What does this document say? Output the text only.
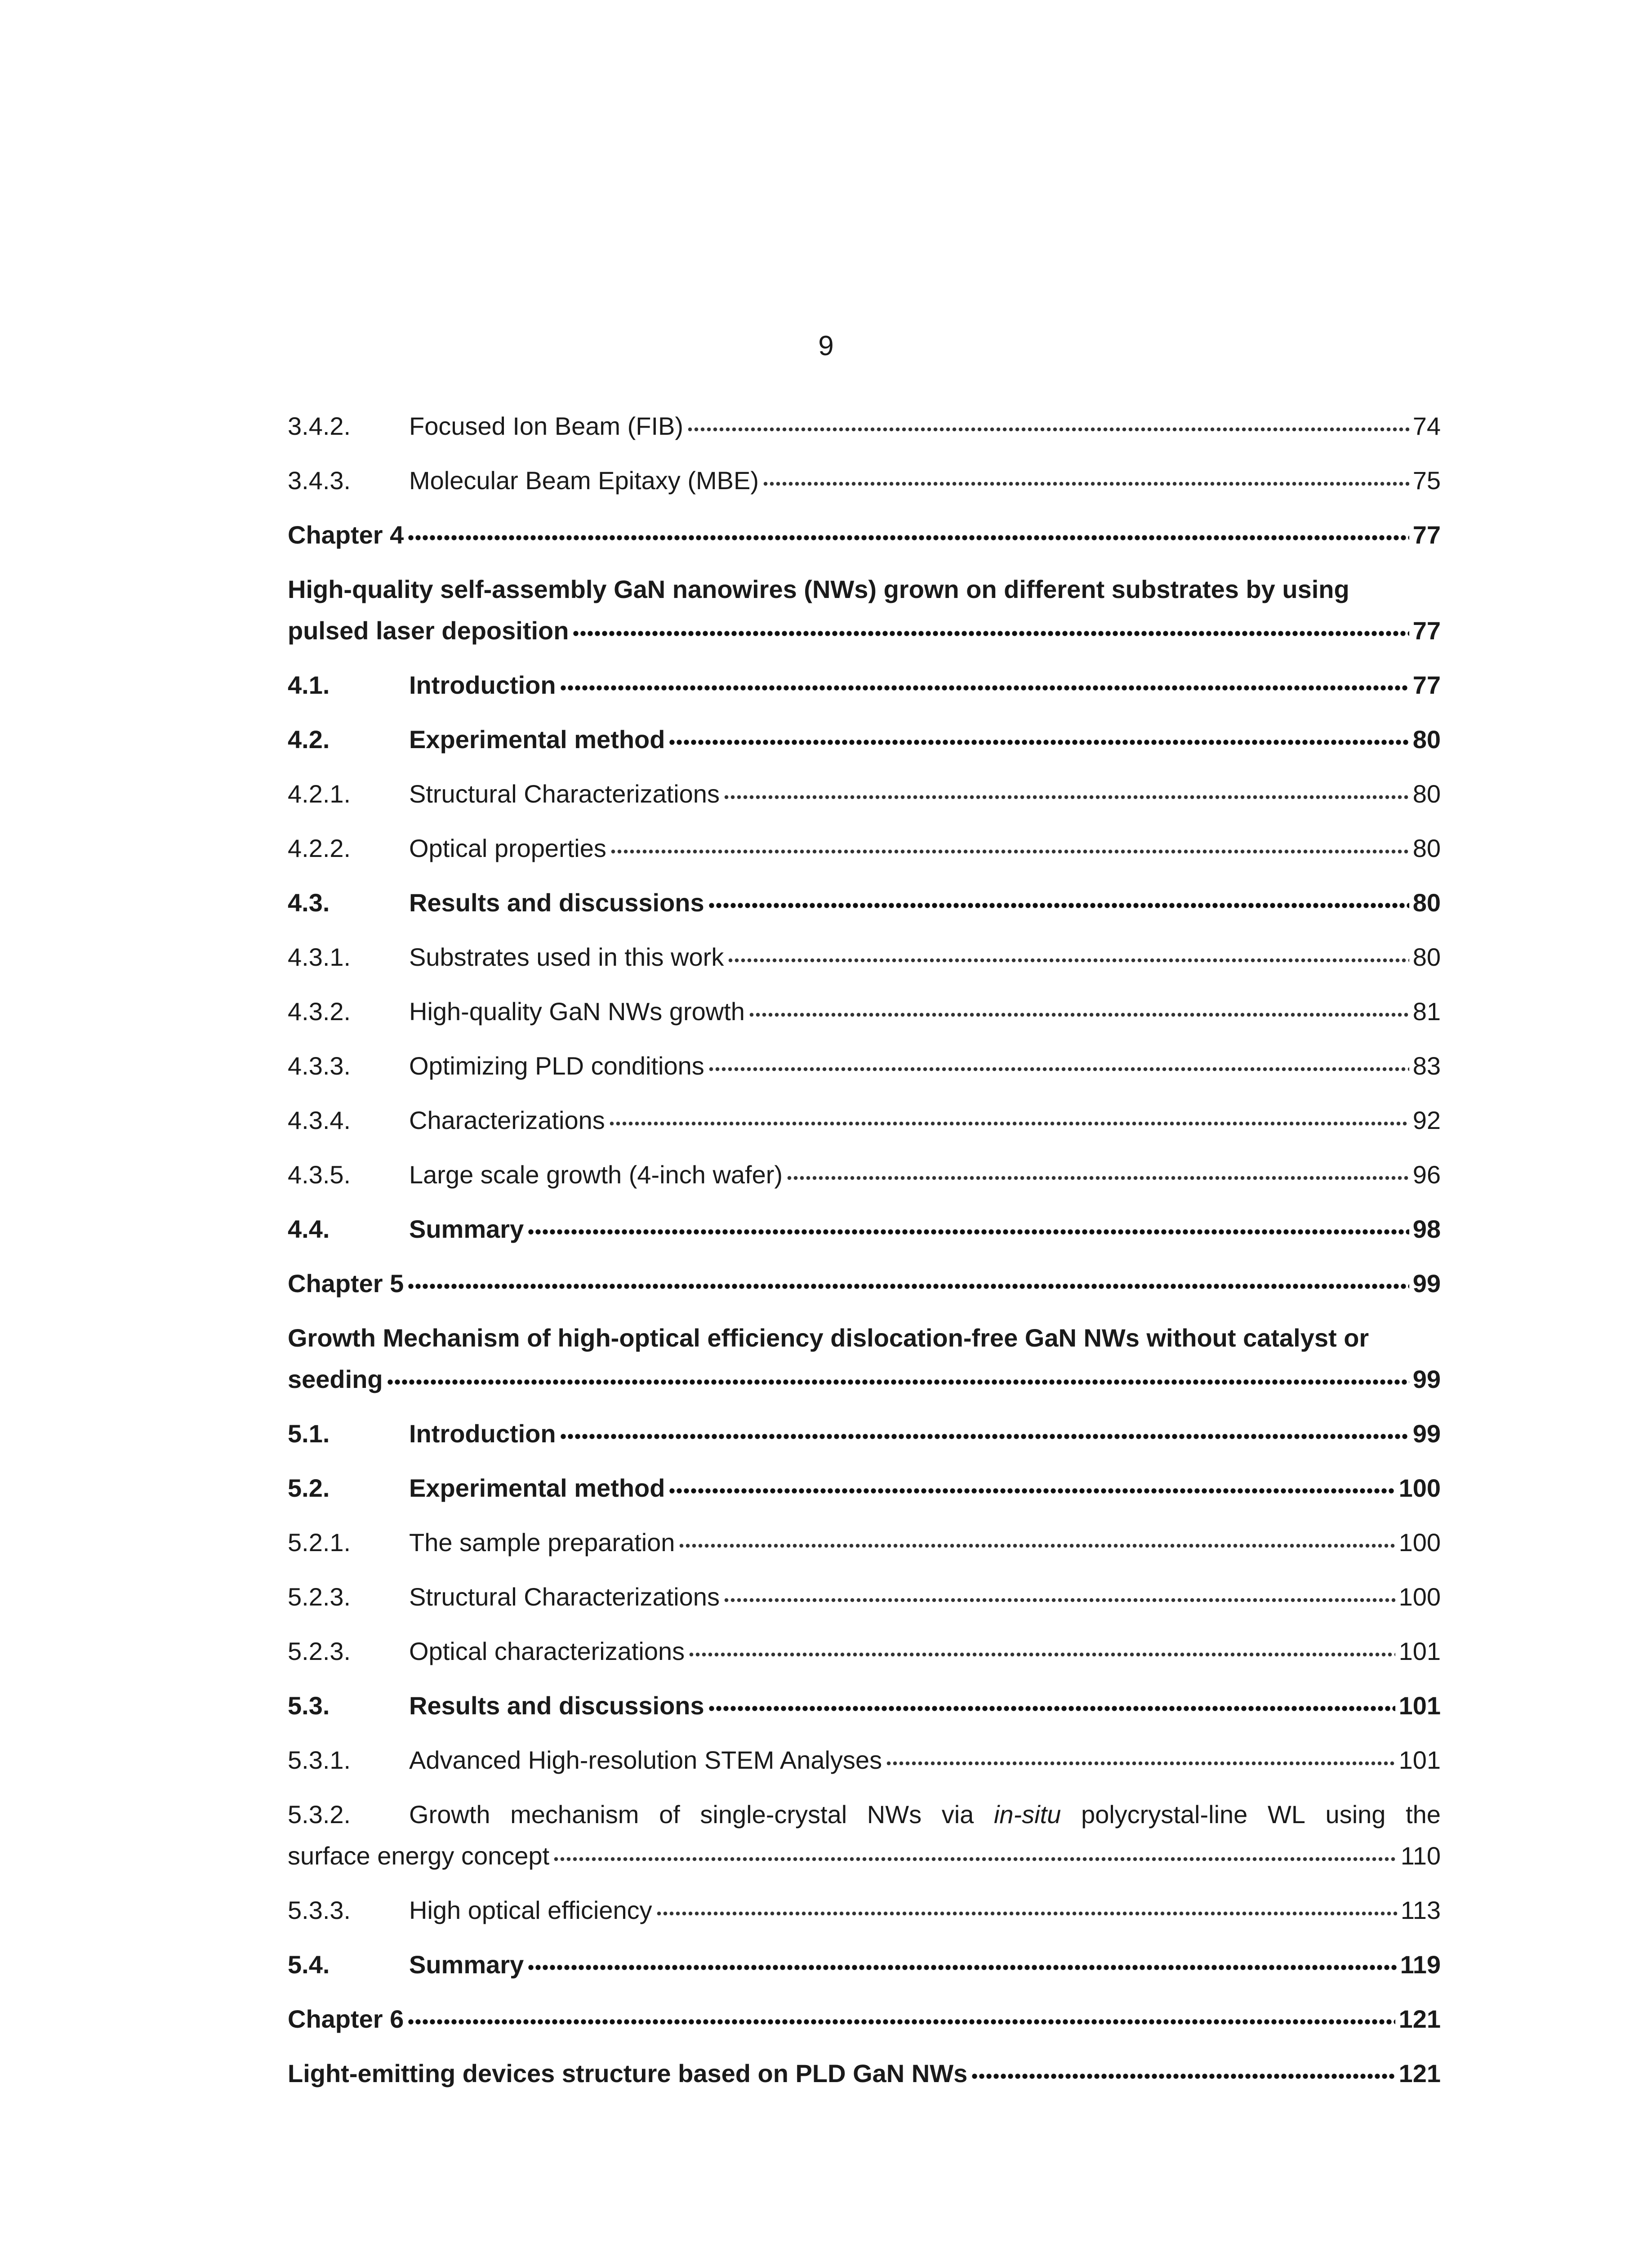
9
3.4.2.	Focused Ion Beam (FIB)	74
3.4.3.	Molecular Beam Epitaxy (MBE)	75
Chapter 4	77
High-quality self-assembly GaN nanowires (NWs) grown on different substrates by using
pulsed laser deposition	77
4.1.	Introduction	77
4.2.	Experimental method	80
4.2.1.	Structural Characterizations	80
4.2.2.	Optical properties	80
4.3.	Results and discussions	80
4.3.1.	Substrates used in this work	80
4.3.2.	High-quality GaN NWs growth	81
4.3.3.	Optimizing PLD conditions	83
4.3.4.	Characterizations	92
4.3.5.	Large scale growth (4-inch wafer)	96
4.4.	Summary	98
Chapter 5	99
Growth Mechanism of high-optical efficiency dislocation-free GaN NWs without catalyst or
seeding	99
5.1.	Introduction	99
5.2.	Experimental method	100
5.2.1.	The sample preparation	100
5.2.3.	Structural Characterizations	100
5.2.3.	Optical characterizations	101
5.3.	Results and discussions	101
5.3.1.	Advanced High-resolution STEM Analyses	101
5.3.2.	Growth mechanism of single-crystal NWs via in-situ polycrystal-line WL using the
surface energy concept	110
5.3.3.	High optical efficiency	113
5.4.	Summary	119
Chapter 6	121
Light-emitting devices structure based on PLD GaN NWs	121
